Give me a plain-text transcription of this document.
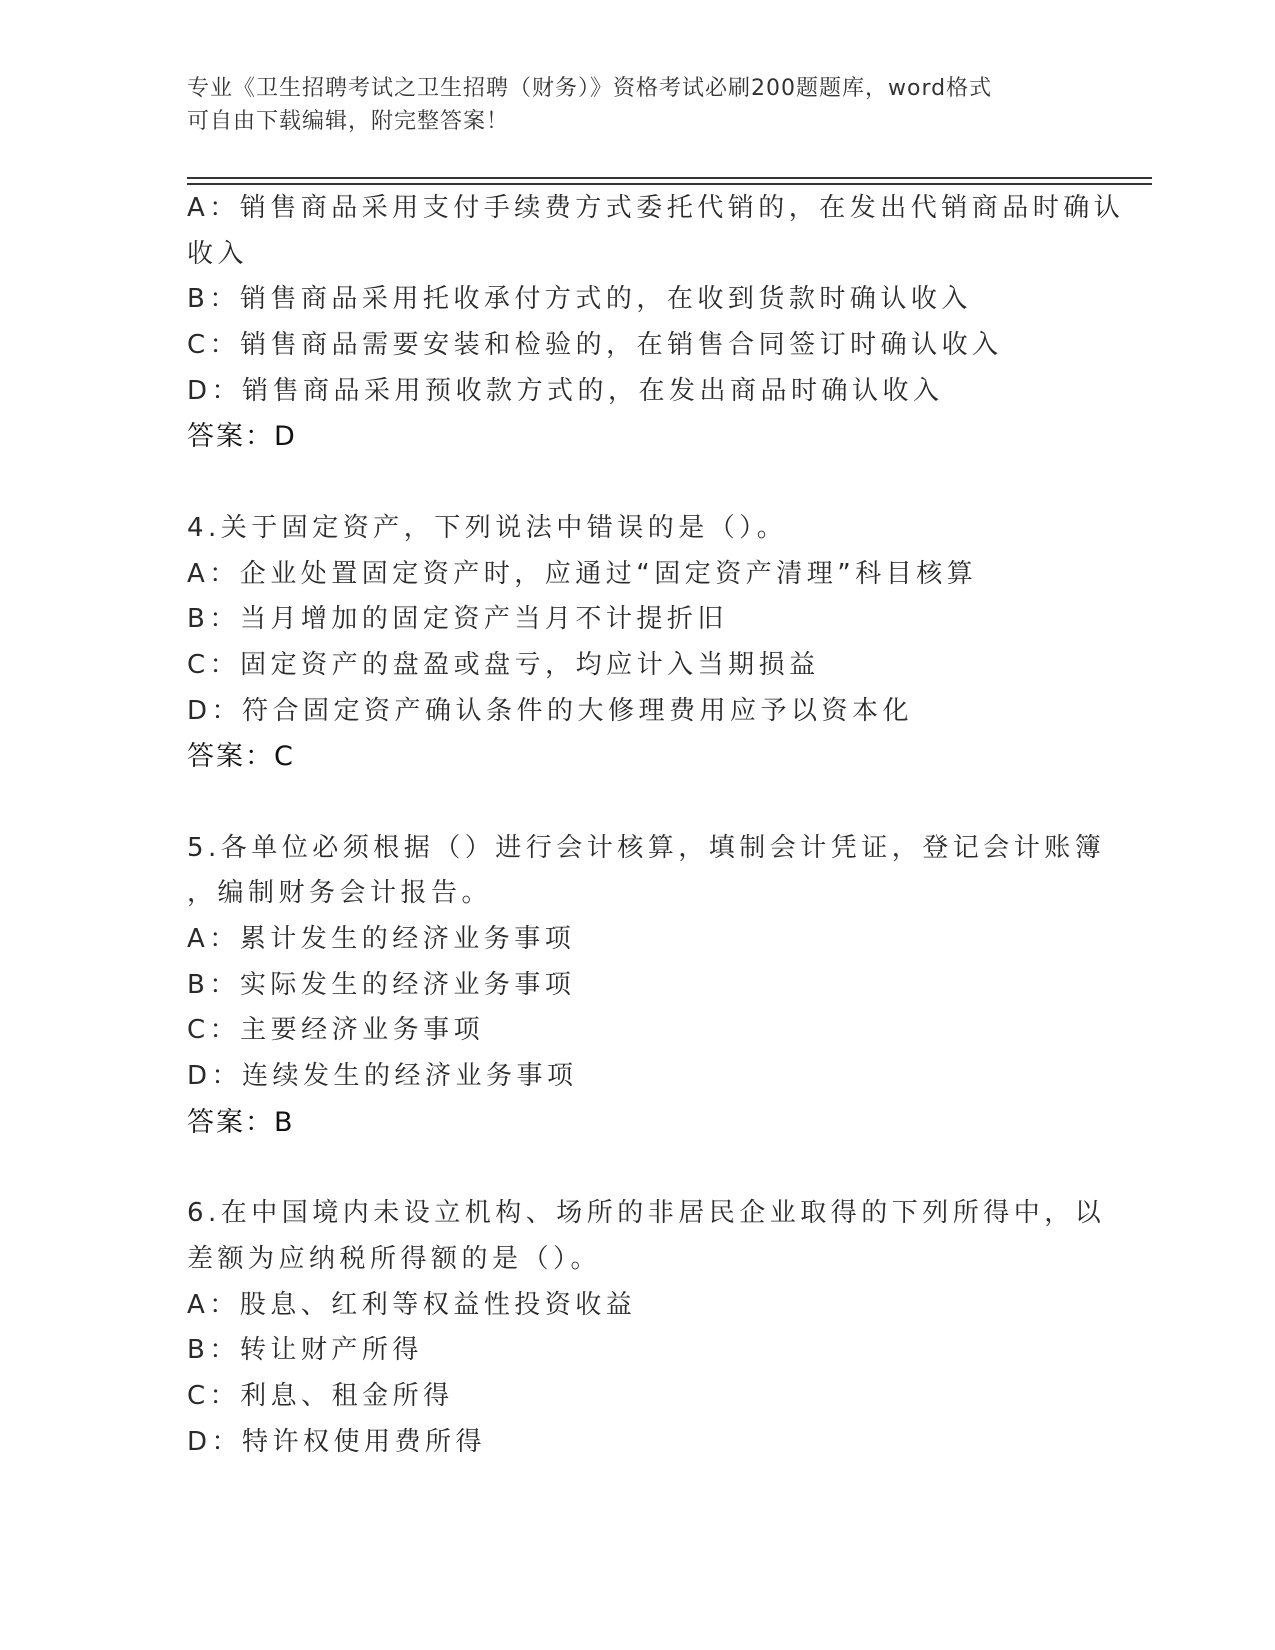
专业《卫生招聘考试之卫生招聘（财务）》资格考试必刷200题题库，word格式
可自由下载编辑，附完整答案！
A：销售商品采用支付手续费方式委托代销的，在发出代销商品时确认
收入
B：销售商品采用托收承付方式的，在收到货款时确认收入
C：销售商品需要安装和检验的，在销售合同签订时确认收入
D：销售商品采用预收款方式的，在发出商品时确认收入
答案：D
4.关于固定资产，下列说法中错误的是（）。
A：企业处置固定资产时，应通过“固定资产清理”科目核算
B：当月增加的固定资产当月不计提折旧
C：固定资产的盘盈或盘亏，均应计入当期损益
D：符合固定资产确认条件的大修理费用应予以资本化
答案：C
5.各单位必须根据（）进行会计核算，填制会计凭证，登记会计账簿
，编制财务会计报告。
A：累计发生的经济业务事项
B：实际发生的经济业务事项
C：主要经济业务事项
D：连续发生的经济业务事项
答案：B
6.在中国境内未设立机构、场所的非居民企业取得的下列所得中，以
差额为应纳税所得额的是（）。
A：股息、红利等权益性投资收益
B：转让财产所得
C：利息、租金所得
D：特许权使用费所得
